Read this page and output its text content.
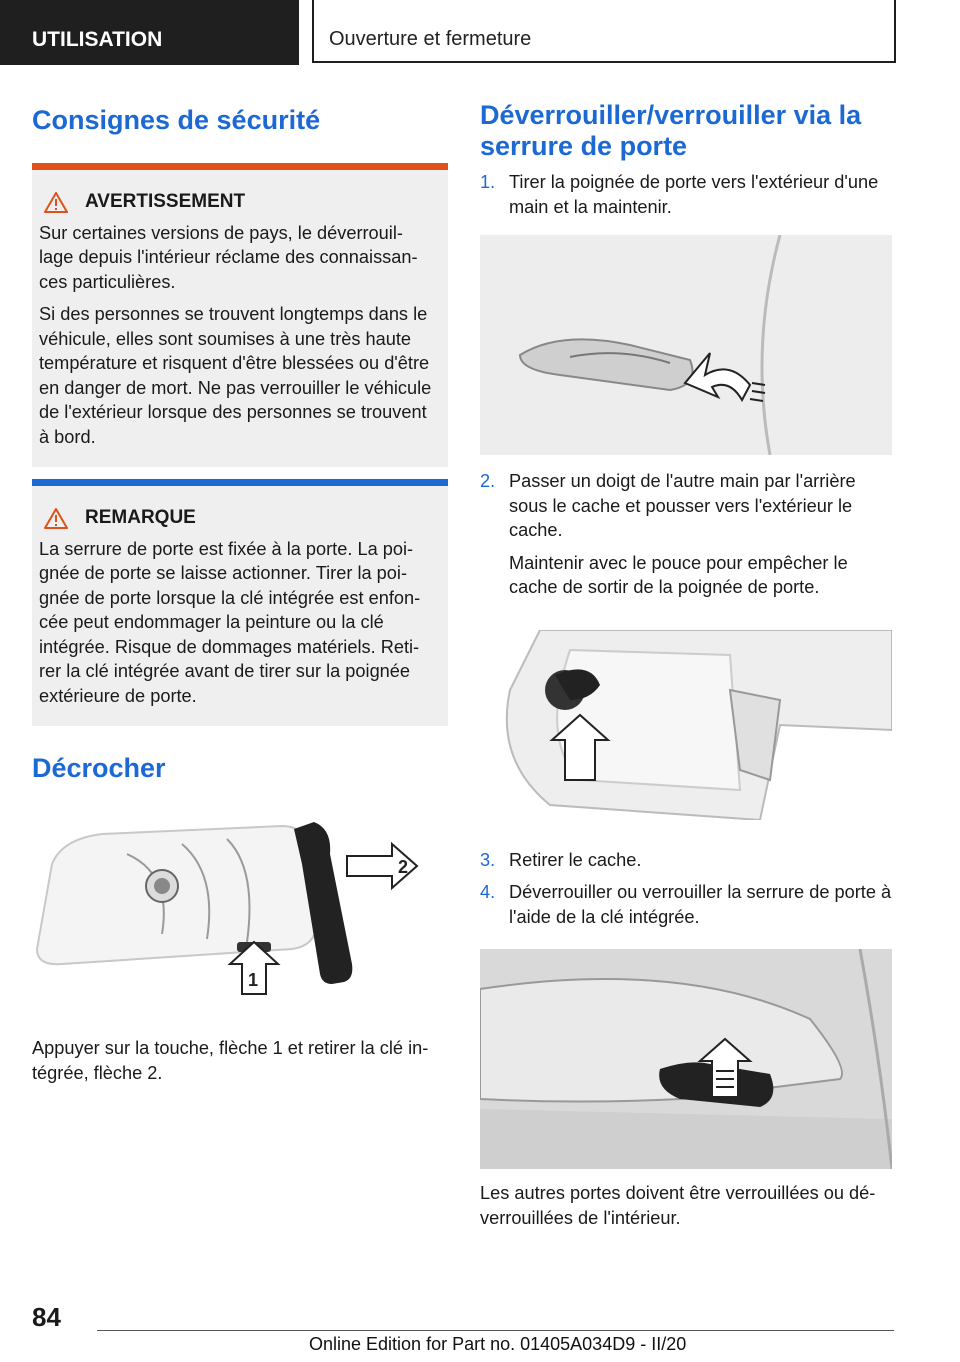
UTILISATION	Ouverture et fermeture
Consignes de sécurité
AVERTISSEMENT

Sur certaines versions de pays, le déverrouil-lage depuis l'intérieur réclame des connaissan-ces particulières.

Si des personnes se trouvent longtemps dans le véhicule, elles sont soumises à une très haute température et risquent d'être blessées ou d'être en danger de mort. Ne pas verrouiller le véhicule de l'extérieur lorsque des personnes se trouvent à bord.

REMARQUE

La serrure de porte est fixée à la porte. La poi-gnée de porte se laisse actionner. Tirer la poi-gnée de porte lorsque la clé intégrée est enfon-cée peut endommager la peinture ou la clé intégrée. Risque de dommages matériels. Reti-rer la clé intégrée avant de tirer sur la poignée extérieure de porte.

Décrocher
2
1
Appuyer sur la touche, flèche 1 et retirer la clé in-tégrée, flèche 2.
Déverrouiller/verrouiller via la serrure de porte
1. Tirer la poignée de porte vers l'extérieur d'une main et la maintenir.
2. Passer un doigt de l'autre main par l'arrière sous le cache et pousser vers l'extérieur le cache.
Maintenir avec le pouce pour empêcher le cache de sortir de la poignée de porte.
3. Retirer le cache.
4. Déverrouiller ou verrouiller la serrure de porte à l'aide de la clé intégrée.
Les autres portes doivent être verrouillées ou dé-verrouillées de l'intérieur.
84
Online Edition for Part no. 01405A034D9 - II/20
